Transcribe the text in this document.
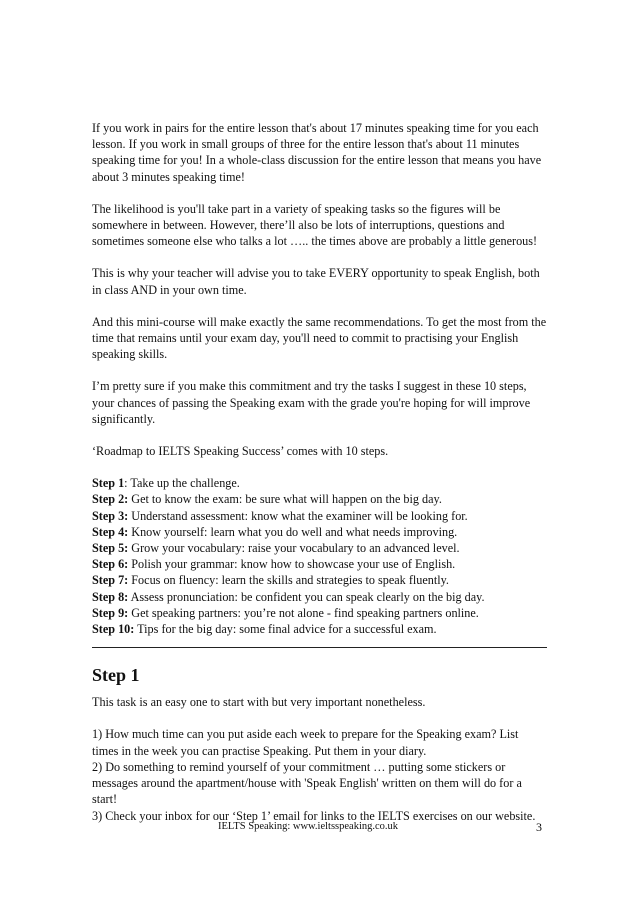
If you work in pairs for the entire lesson that's about 17 minutes speaking time for you each lesson. If you work in small groups of three for the entire lesson that's about 11 minutes speaking time for you! In a whole-class discussion for the entire lesson that means you have about 3 minutes speaking time!

The likelihood is you'll take part in a variety of speaking tasks so the figures will be somewhere in between. However, there’ll also be lots of interruptions, questions and sometimes someone else who talks a lot ….. the times above are probably a little generous!

This is why your teacher will advise you to take EVERY opportunity to speak English, both in class AND in your own time.

And this mini-course will make exactly the same recommendations. To get the most from the time that remains until your exam day, you'll need to commit to practising your English speaking skills.

I’m pretty sure if you make this commitment and try the tasks I suggest in these 10 steps, your chances of passing the Speaking exam with the grade you're hoping for will improve significantly.

‘Roadmap to IELTS Speaking Success’ comes with 10 steps.

Step 1: Take up the challenge.
Step 2: Get to know the exam: be sure what will happen on the big day.
Step 3: Understand assessment: know what the examiner will be looking for.
Step 4: Know yourself: learn what you do well and what needs improving.
Step 5: Grow your vocabulary: raise your vocabulary to an advanced level.
Step 6: Polish your grammar: know how to showcase your use of English.
Step 7: Focus on fluency: learn the skills and strategies to speak fluently.
Step 8: Assess pronunciation: be confident you can speak clearly on the big day.
Step 9: Get speaking partners: you’re not alone - find speaking partners online.
Step 10: Tips for the big day: some final advice for a successful exam.
Step 1

This task is an easy one to start with but very important nonetheless.

1) How much time can you put aside each week to prepare for the Speaking exam? List times in the week you can practise Speaking. Put them in your diary.
2) Do something to remind yourself of your commitment … putting some stickers or messages around the apartment/house with 'Speak English' written on them will do for a start!
3) Check your inbox for our ‘Step 1’ email for links to the IELTS exercises on our website.
IELTS Speaking: www.ieltsspeaking.co.uk	3
